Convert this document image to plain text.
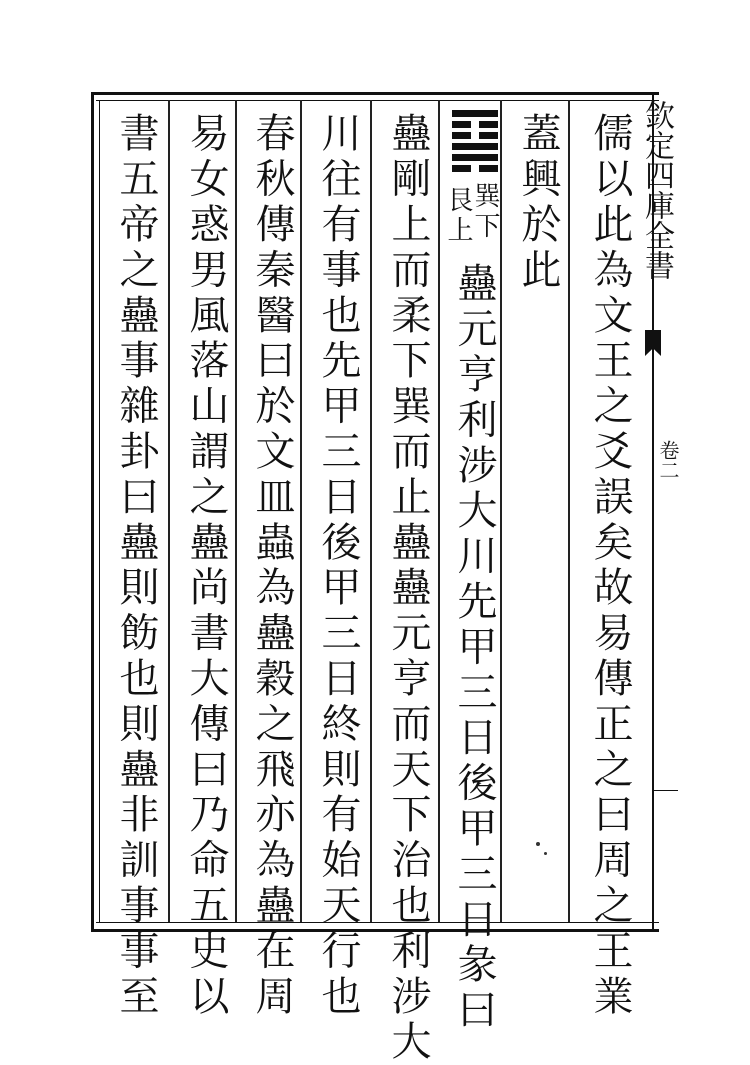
欽定四庫全書
卷二
儒以此為文王之爻誤矣故易傳正之曰周之王業
蓋興於此
巽下
艮上
蠱元亨利涉大川先甲三日後甲三日彖曰
蠱剛上而柔下巽而止蠱蠱元亨而天下治也利涉大
川往有事也先甲三日後甲三日終則有始天行也
春秋傳秦醫曰於文皿蟲為蠱穀之飛亦為蠱在周
易女惑男風落山謂之蠱尚書大傳曰乃命五史以
書五帝之蠱事雜卦曰蠱則飭也則蠱非訓事事至
